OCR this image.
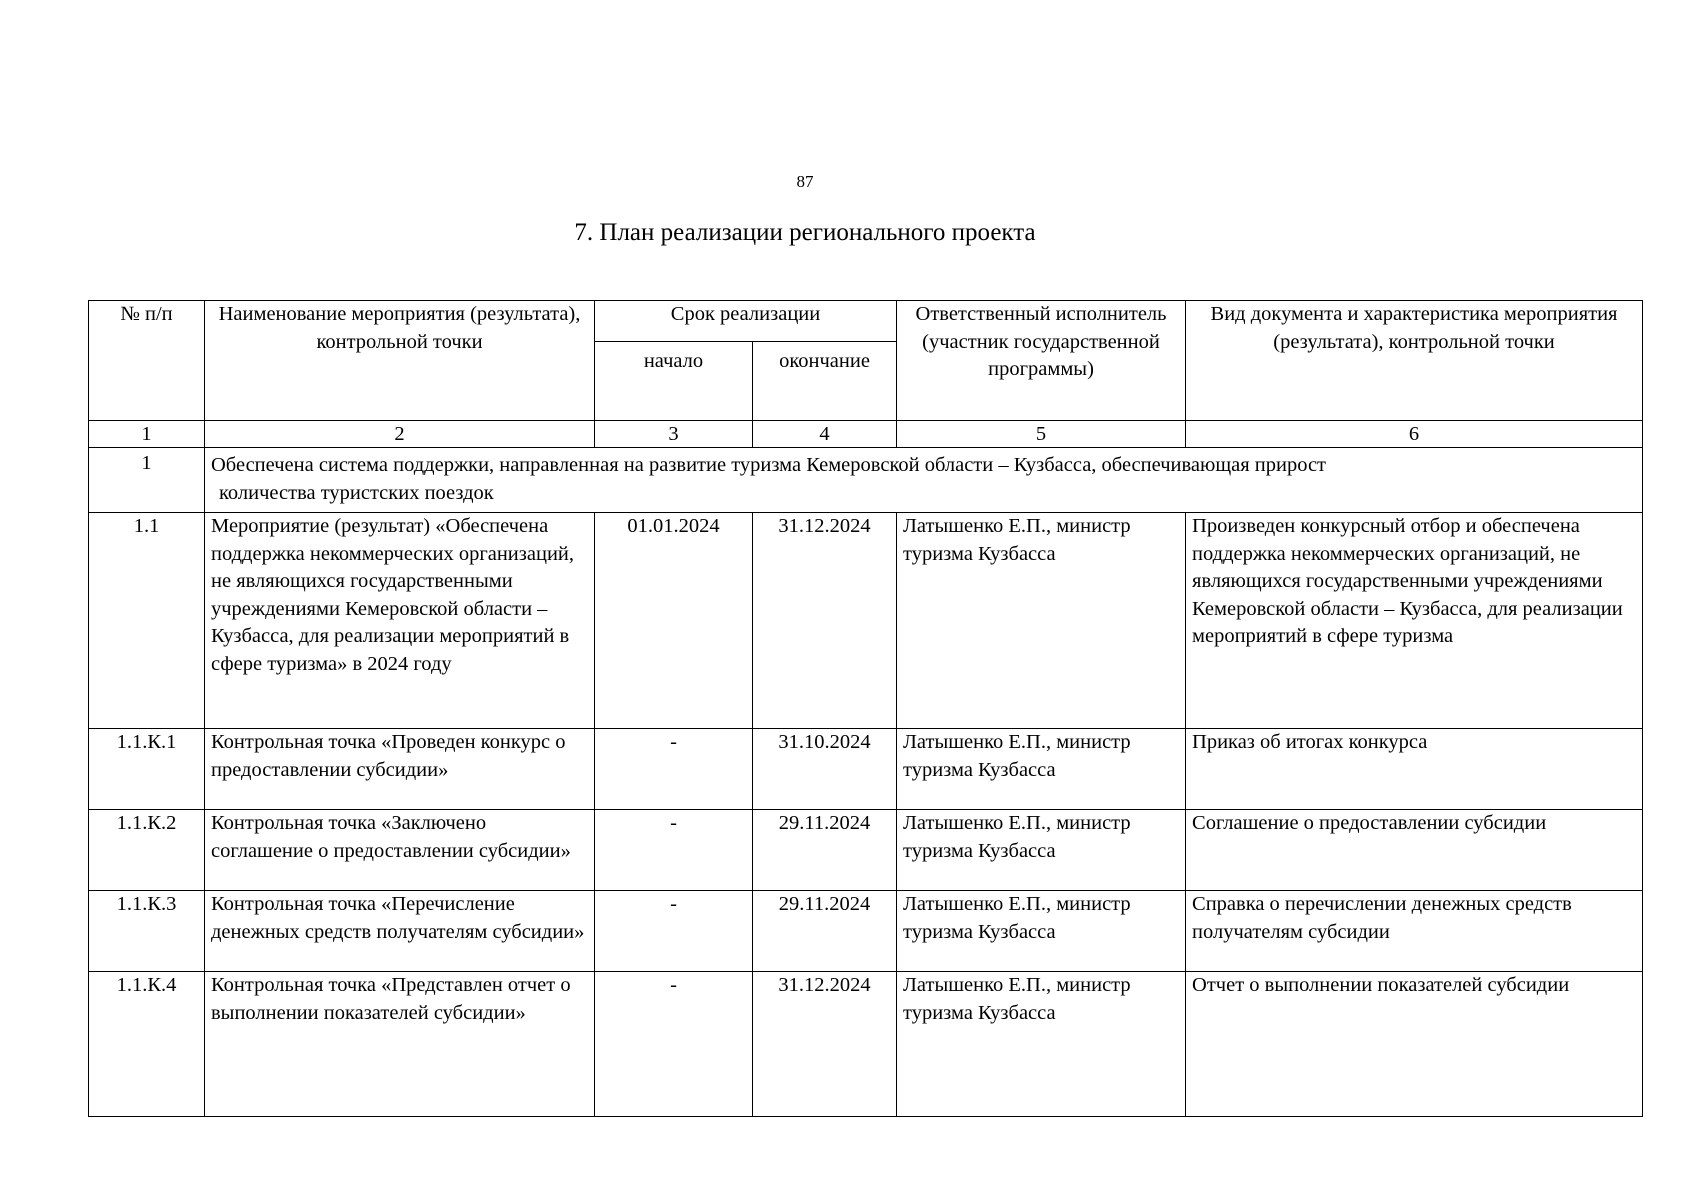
87
7. План реализации регионального проекта
№ п/п	Наименование мероприятия (результата), контрольной точки	Срок реализации		Ответственный исполнитель (участник государственной программы)	Вид документа и характеристика мероприятия (результата), контрольной точки
		начало	окончание		
1	2	3	4	5	6
1	Обеспечена система поддержки, направленная на развитие туризма Кемеровской области – Кузбасса, обеспечивающая прирост
количества туристских поездок				

1.1	Мероприятие (результат) «Обеспечена поддержка некоммерческих организаций, не являющихся государственными учреждениями Кемеровской области – Кузбасса, для реализации мероприятий в сфере туризма» в 2024 году	01.01.2024	31.12.2024	Латышенко Е.П., министр туризма Кузбасса	Произведен конкурсный отбор и обеспечена поддержка некоммерческих организаций, не являющихся государственными учреждениями Кемеровской области – Кузбасса, для реализации мероприятий в сфере туризма
1.1.К.1	Контрольная точка «Проведен конкурс о предоставлении субсидии»	-	31.10.2024	Латышенко Е.П., министр туризма Кузбасса	Приказ об итогах конкурса
1.1.К.2	Контрольная точка «Заключено соглашение о предоставлении субсидии»	-	29.11.2024	Латышенко Е.П., министр туризма Кузбасса	Соглашение о предоставлении субсидии
1.1.К.3	Контрольная точка «Перечисление денежных средств получателям субсидии»	-	29.11.2024	Латышенко Е.П., министр туризма Кузбасса	Справка о перечислении денежных средств получателям субсидии
1.1.К.4	Контрольная точка «Представлен отчет о выполнении показателей субсидии»	-	31.12.2024	Латышенко Е.П., министр туризма Кузбасса	Отчет о выполнении показателей субсидии
